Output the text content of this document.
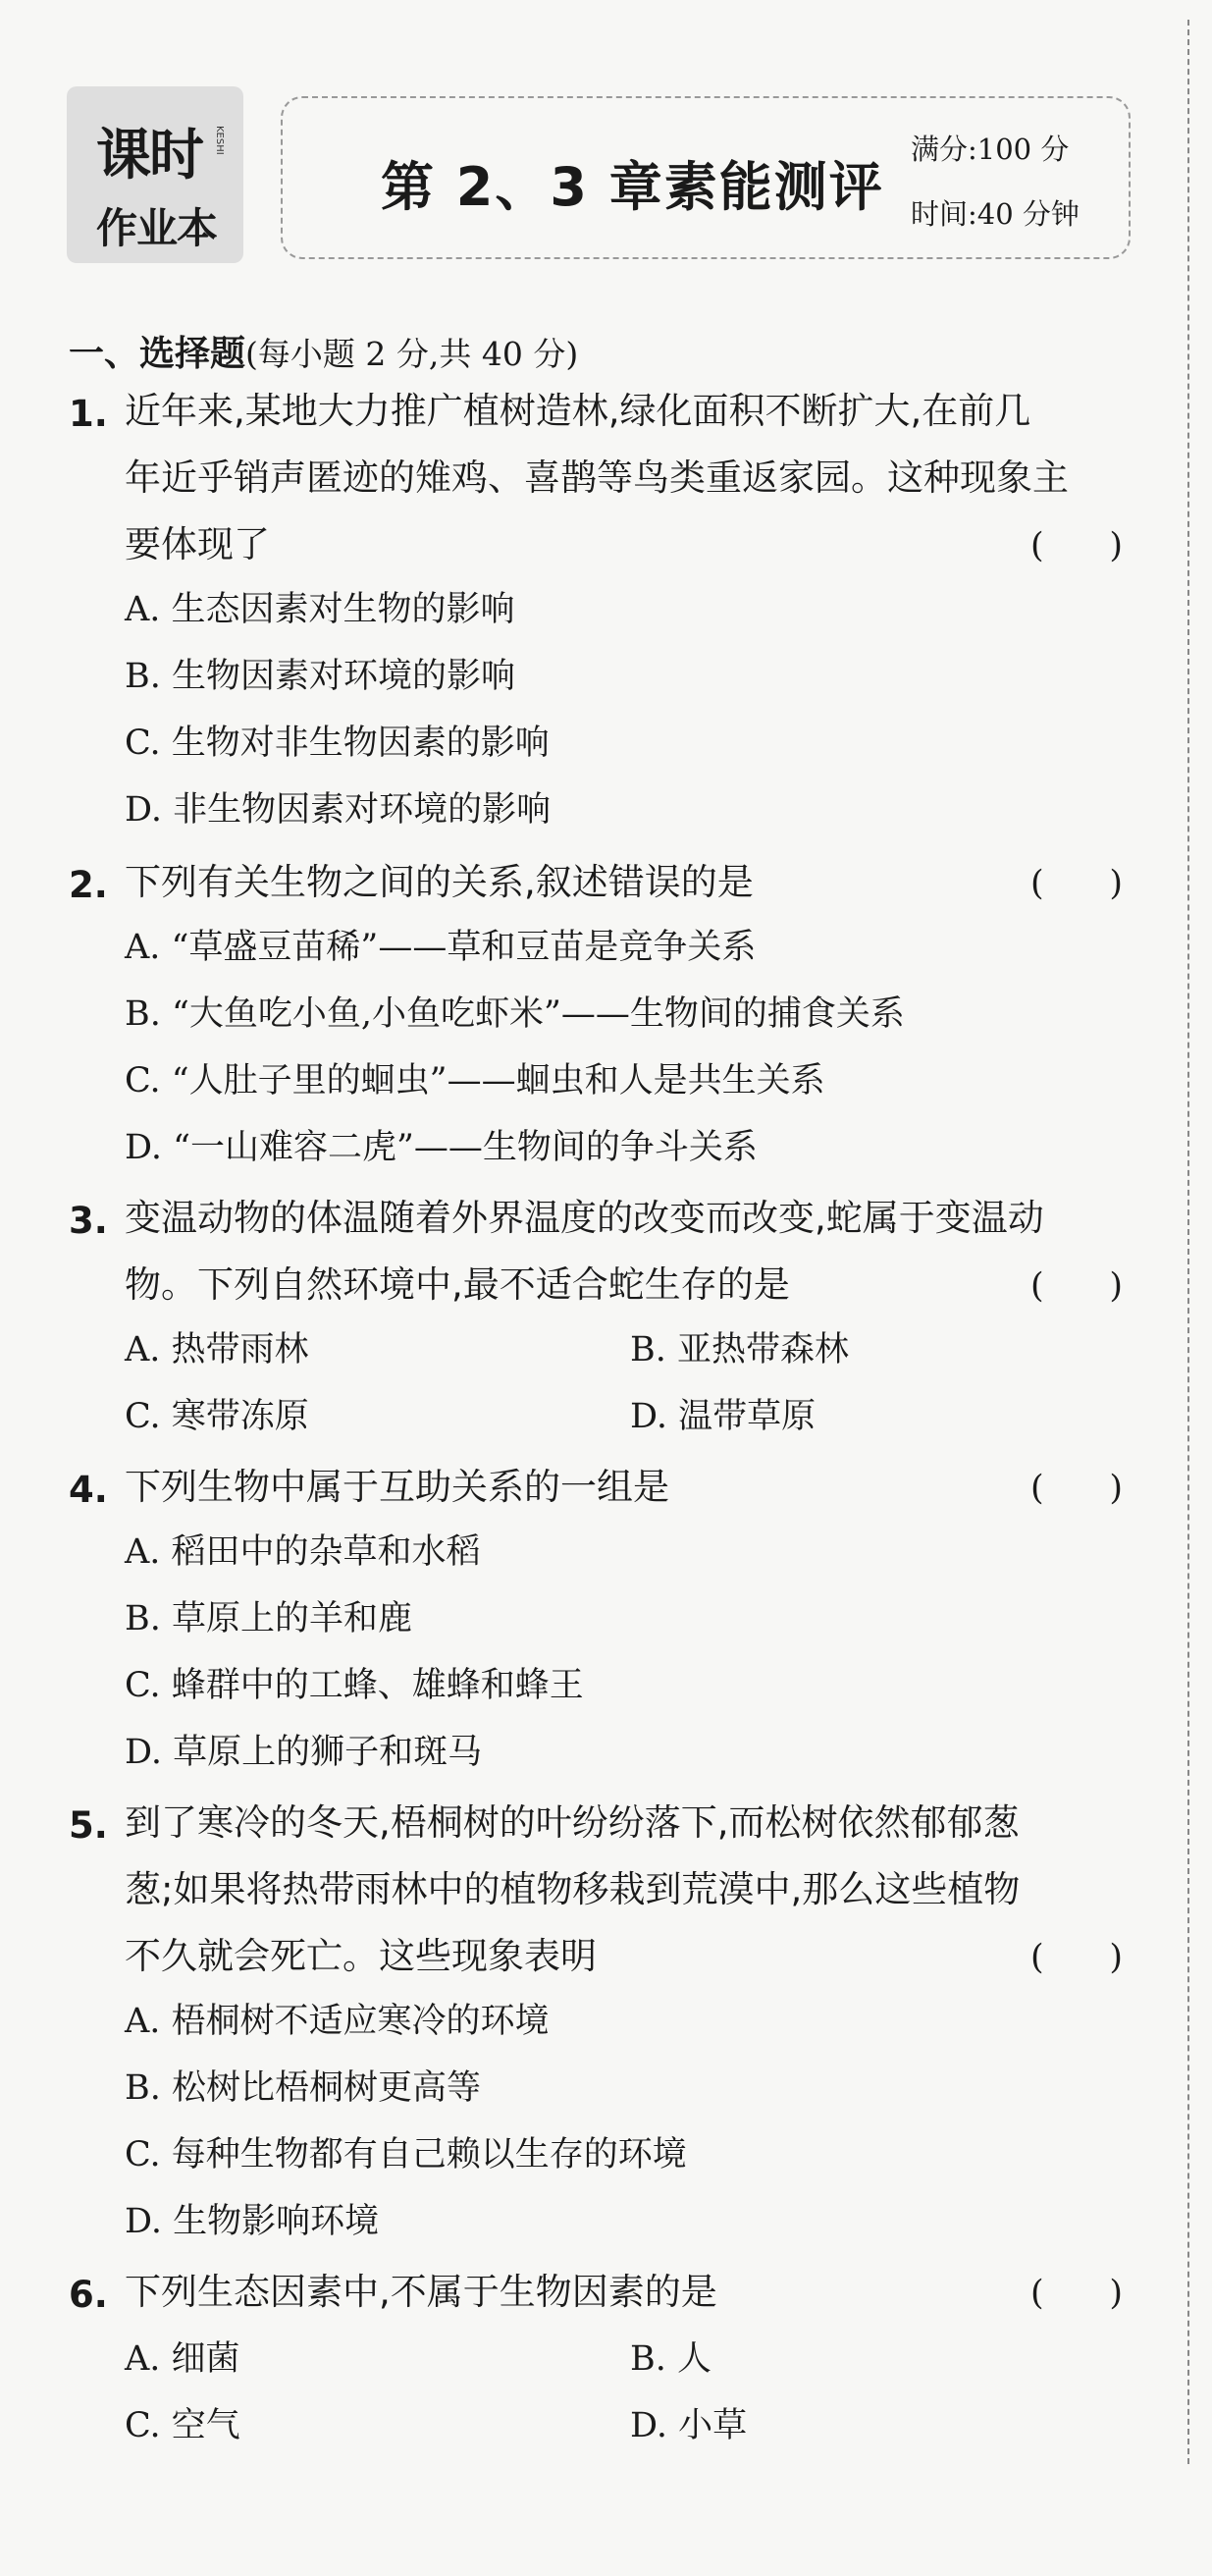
课时
作业本
KESHI
第 2、3 章素能测评
满分:100 分
时间:40 分钟
一、选择题(每小题 2 分,共 40 分)
1. 近年来,某地大力推广植树造林,绿化面积不断扩大,在前几
年近乎销声匿迹的雉鸡、喜鹊等鸟类重返家园。这种现象主
要体现了	(      )
A. 生态因素对生物的影响
B. 生物因素对环境的影响
C. 生物对非生物因素的影响
D. 非生物因素对环境的影响
2. 下列有关生物之间的关系,叙述错误的是	(      )
A. “草盛豆苗稀”——草和豆苗是竞争关系
B. “大鱼吃小鱼,小鱼吃虾米”——生物间的捕食关系
C. “人肚子里的蛔虫”——蛔虫和人是共生关系
D. “一山难容二虎”——生物间的争斗关系
3. 变温动物的体温随着外界温度的改变而改变,蛇属于变温动
物。下列自然环境中,最不适合蛇生存的是	(      )
A. 热带雨林	B. 亚热带森林
C. 寒带冻原	D. 温带草原
4. 下列生物中属于互助关系的一组是	(      )
A. 稻田中的杂草和水稻
B. 草原上的羊和鹿
C. 蜂群中的工蜂、雄蜂和蜂王
D. 草原上的狮子和斑马
5. 到了寒冷的冬天,梧桐树的叶纷纷落下,而松树依然郁郁葱
葱;如果将热带雨林中的植物移栽到荒漠中,那么这些植物
不久就会死亡。这些现象表明	(      )
A. 梧桐树不适应寒冷的环境
B. 松树比梧桐树更高等
C. 每种生物都有自己赖以生存的环境
D. 生物影响环境
6. 下列生态因素中,不属于生物因素的是	(      )
A. 细菌	B. 人
C. 空气	D. 小草
